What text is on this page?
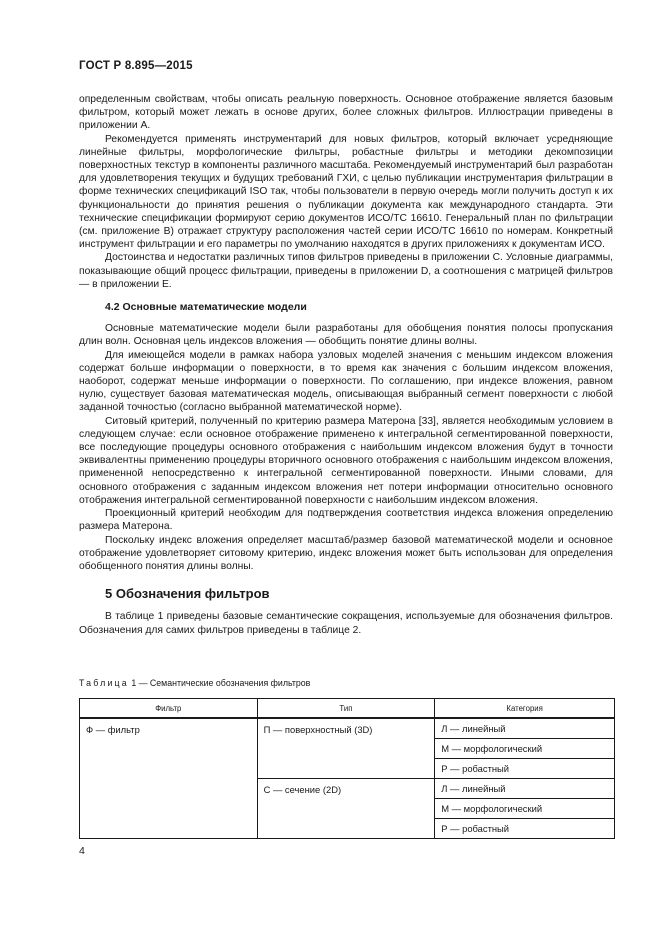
ГОСТ Р 8.895—2015

определенным свойствам, чтобы описать реальную поверхность. Основное отображение является базовым фильтром, который может лежать в основе других, более сложных фильтров. Иллюстрации приведены в приложении А.

Рекомендуется применять инструментарий для новых фильтров, который включает усредняющие линейные фильтры, морфологические фильтры, робастные фильтры и методики декомпозиции поверхностных текстур в компоненты различного масштаба. Рекомендуемый инструментарий был разработан для удовлетворения текущих и будущих требований ГХИ, с целью публикации инструментария фильтрации в форме технических спецификаций ISO так, чтобы пользователи в первую очередь могли получить доступ к их функциональности до принятия решения о публикации документа как международного стандарта. Эти технические спецификации формируют серию документов ИСО/ТС 16610. Генеральный план по фильтрации (см. приложение В) отражает структуру расположения частей серии ИСО/ТС 16610 по номерам. Конкретный инструмент фильтрации и его параметры по умолчанию находятся в других приложениях к документам ИСО.

Достоинства и недостатки различных типов фильтров приведены в приложении С. Условные диаграммы, показывающие общий процесс фильтрации, приведены в приложении D, а соотношения с матрицей фильтров — в приложении Е.

4.2 Основные математические модели

Основные математические модели были разработаны для обобщения понятия полосы пропускания длин волн. Основная цель индексов вложения — обобщить понятие длины волны.

Для имеющейся модели в рамках набора узловых моделей значения с меньшим индексом вложения содержат больше информации о поверхности, в то время как значения с большим индексом вложения, наоборот, содержат меньше информации о поверхности. По соглашению, при индексе вложения, равном нулю, существует базовая математическая модель, описывающая выбранный сегмент поверхности с любой заданной точностью (согласно выбранной математической норме).

Ситовый критерий, полученный по критерию размера Матерона [33], является необходимым условием в следующем случае: если основное отображение применено к интегральной сегментированной поверхности, все последующие процедуры основного отображения с наибольшим индексом вложения будут в точности эквивалентны применению процедуры вторичного основного отображения с наибольшим индексом вложения, примененной непосредственно к интегральной сегментированной поверхности. Иными словами, для основного отображения с заданным индексом вложения нет потери информации относительно основного отображения интегральной сегментированной поверхности с наибольшим индексом вложения.

Проекционный критерий необходим для подтверждения соответствия индекса вложения определению размера Матерона.

Поскольку индекс вложения определяет масштаб/размер базовой математической модели и основное отображение удовлетворяет ситовому критерию, индекс вложения может быть использован для определения обобщенного понятия длины волны.

5 Обозначения фильтров

В таблице 1 приведены базовые семантические сокращения, используемые для обозначения фильтров. Обозначения для самих фильтров приведены в таблице 2.

Таблица 1 — Семантические обозначения фильтров
Фильтр	Тип	Категория
Ф — фильтр	П — поверхностный (3D)	Л — линейный
		М — морфологический
		Р — робастный
	С — сечение (2D)	Л — линейный
		М — морфологический
		Р — робастный
4
